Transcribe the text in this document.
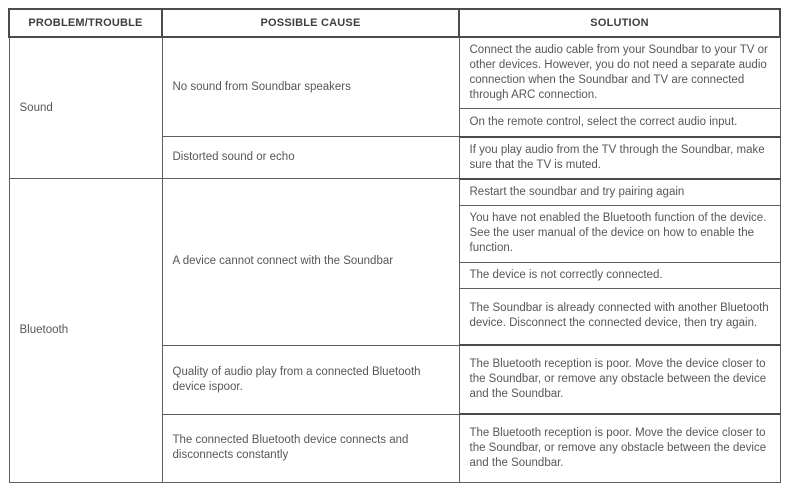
PROBLEM/TROUBLE	POSSIBLE CAUSE	SOLUTION
Sound	No sound from Soundbar speakers	Connect the audio cable from your Soundbar to your TV or other devices. However, you do not need a separate audio connection when the Soundbar and TV are connected through ARC connection.
		On the remote control, select the correct audio input.
	Distorted sound or echo	If you play audio from the TV through the Soundbar, make sure that the TV is muted.
Bluetooth	A device cannot connect with the Soundbar	Restart the soundbar and try pairing again
		You have not enabled the Bluetooth function of the device. See the user manual of the device on how to enable the function.
		The device is not correctly connected.
		The Soundbar is already connected with another Bluetooth device. Disconnect the connected device, then try again.
	Quality of audio play from a connected Bluetooth device ispoor.	The Bluetooth reception is poor. Move the device closer to the Soundbar, or remove any obstacle between the device and the Soundbar.
	The connected Bluetooth device connects and disconnects constantly	The Bluetooth reception is poor. Move the device closer to the Soundbar, or remove any obstacle between the device and the Soundbar.
